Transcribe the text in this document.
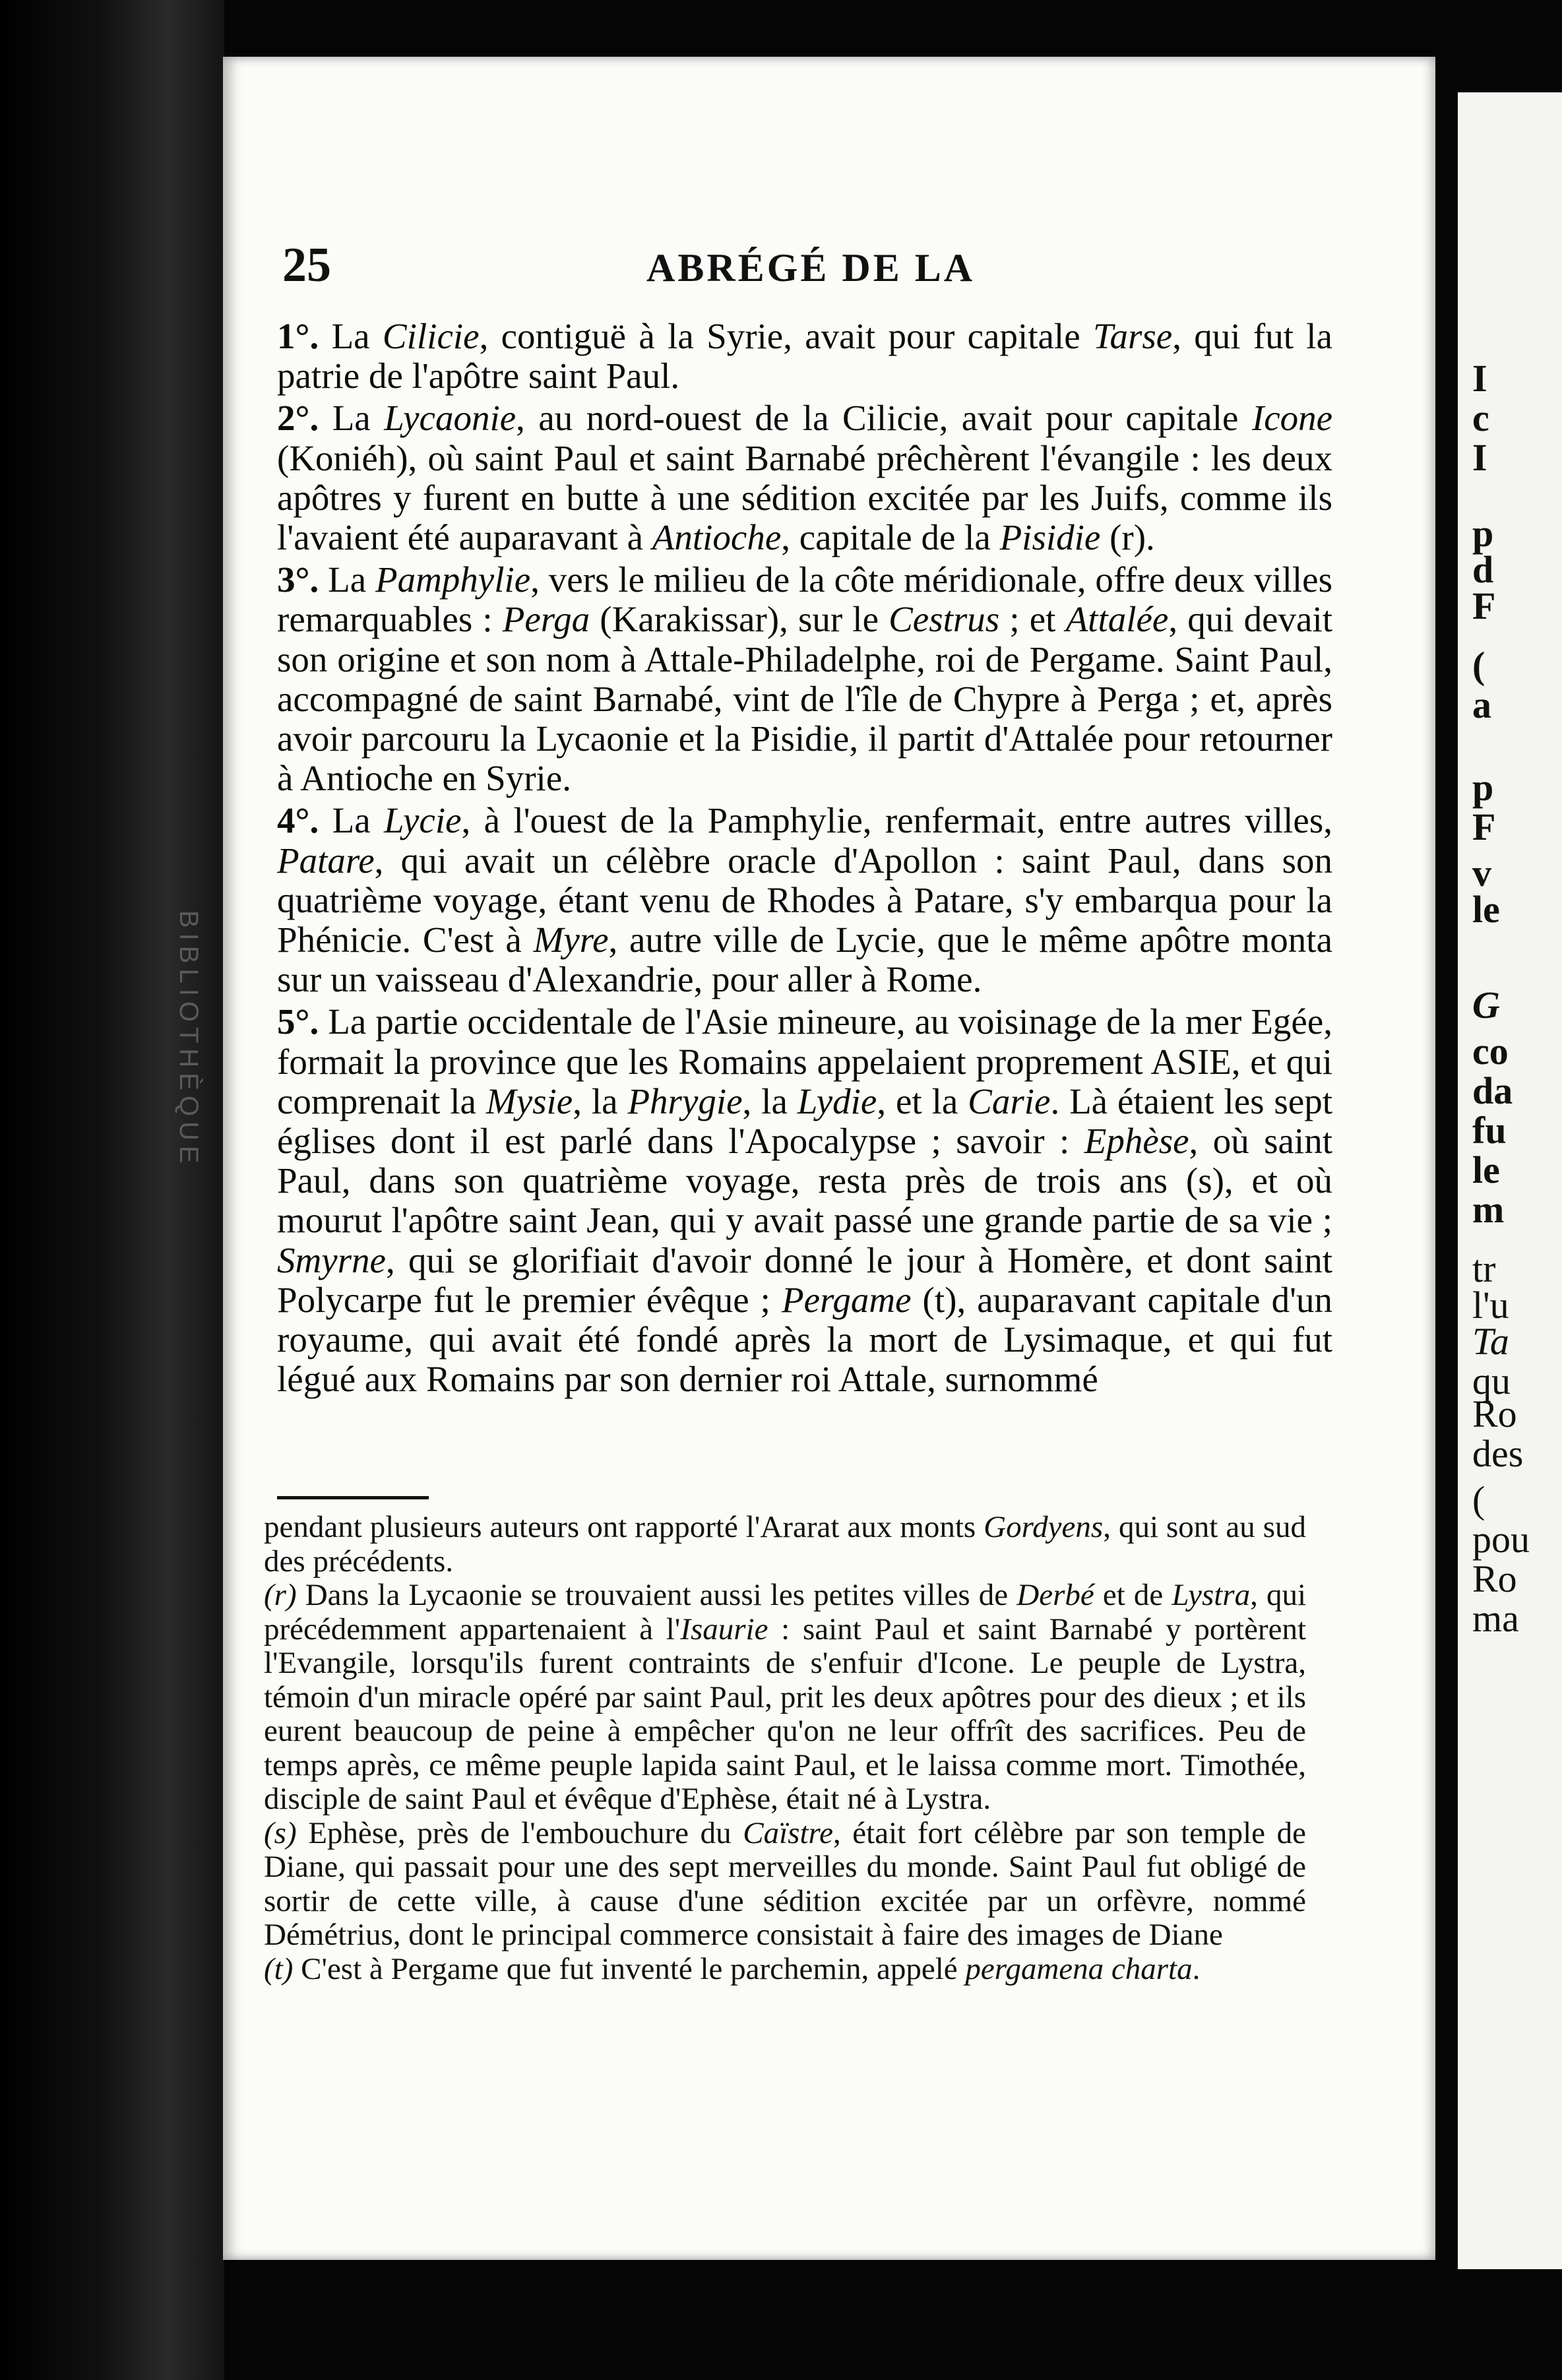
BIBLIOTHÈQUE
25	ABRÉGÉ DE LA

1°. La Cilicie, contiguë à la Syrie, avait pour capitale Tarse, qui fut la patrie de l'apôtre saint Paul.

2°. La Lycaonie, au nord-ouest de la Cilicie, avait pour capitale Icone (Koniéh), où saint Paul et saint Barnabé prêchèrent l'évangile : les deux apôtres y furent en butte à une sédition excitée par les Juifs, comme ils l'avaient été auparavant à Antioche, capitale de la Pisidie (r).

3°. La Pamphylie, vers le milieu de la côte méridionale, offre deux villes remarquables : Perga (Karakissar), sur le Cestrus ; et Attalée, qui devait son origine et son nom à Attale-Philadelphe, roi de Pergame. Saint Paul, accompagné de saint Barnabé, vint de l'île de Chypre à Perga ; et, après avoir parcouru la Lycaonie et la Pisidie, il partit d'Attalée pour retourner à Antioche en Syrie.

4°. La Lycie, à l'ouest de la Pamphylie, renfermait, entre autres villes, Patare, qui avait un célèbre oracle d'Apollon : saint Paul, dans son quatrième voyage, étant venu de Rhodes à Patare, s'y embarqua pour la Phénicie. C'est à Myre, autre ville de Lycie, que le même apôtre monta sur un vaisseau d'Alexandrie, pour aller à Rome.

5°. La partie occidentale de l'Asie mineure, au voisinage de la mer Egée, formait la province que les Romains appelaient proprement ASIE, et qui comprenait la Mysie, la Phrygie, la Lydie, et la Carie. Là étaient les sept églises dont il est parlé dans l'Apocalypse ; savoir : Ephèse, où saint Paul, dans son quatrième voyage, resta près de trois ans (s), et où mourut l'apôtre saint Jean, qui y avait passé une grande partie de sa vie ; Smyrne, qui se glorifiait d'avoir donné le jour à Homère, et dont saint Polycarpe fut le premier évêque ; Pergame (t), auparavant capitale d'un royaume, qui avait été fondé après la mort de Lysimaque, et qui fut légué aux Romains par son dernier roi Attale, surnommé

pendant plusieurs auteurs ont rapporté l'Ararat aux monts Gordyens, qui sont au sud des précédents.

(r) Dans la Lycaonie se trouvaient aussi les petites villes de Derbé et de Lystra, qui précédemment appartenaient à l'Isaurie : saint Paul et saint Barnabé y portèrent l'Evangile, lorsqu'ils furent contraints de s'enfuir d'Icone. Le peuple de Lystra, témoin d'un miracle opéré par saint Paul, prit les deux apôtres pour des dieux ; et ils eurent beaucoup de peine à empêcher qu'on ne leur offrît des sacrifices. Peu de temps après, ce même peuple lapida saint Paul, et le laissa comme mort. Timothée, disciple de saint Paul et évêque d'Ephèse, était né à Lystra.

(s) Ephèse, près de l'embouchure du Caïstre, était fort célèbre par son temple de Diane, qui passait pour une des sept merveilles du monde. Saint Paul fut obligé de sortir de cette ville, à cause d'une sédition excitée par un orfèvre, nommé Démétrius, dont le principal commerce consistait à faire des images de Diane

(t) C'est à Pergame que fut inventé le parchemin, appelé pergamena charta.

I
c
I
p
d
F
(
a
p
F
v
le
G
co
da
fu
le
m
tr
l'u
Ta
qu
Ro
des
(
pou
Ro
ma
